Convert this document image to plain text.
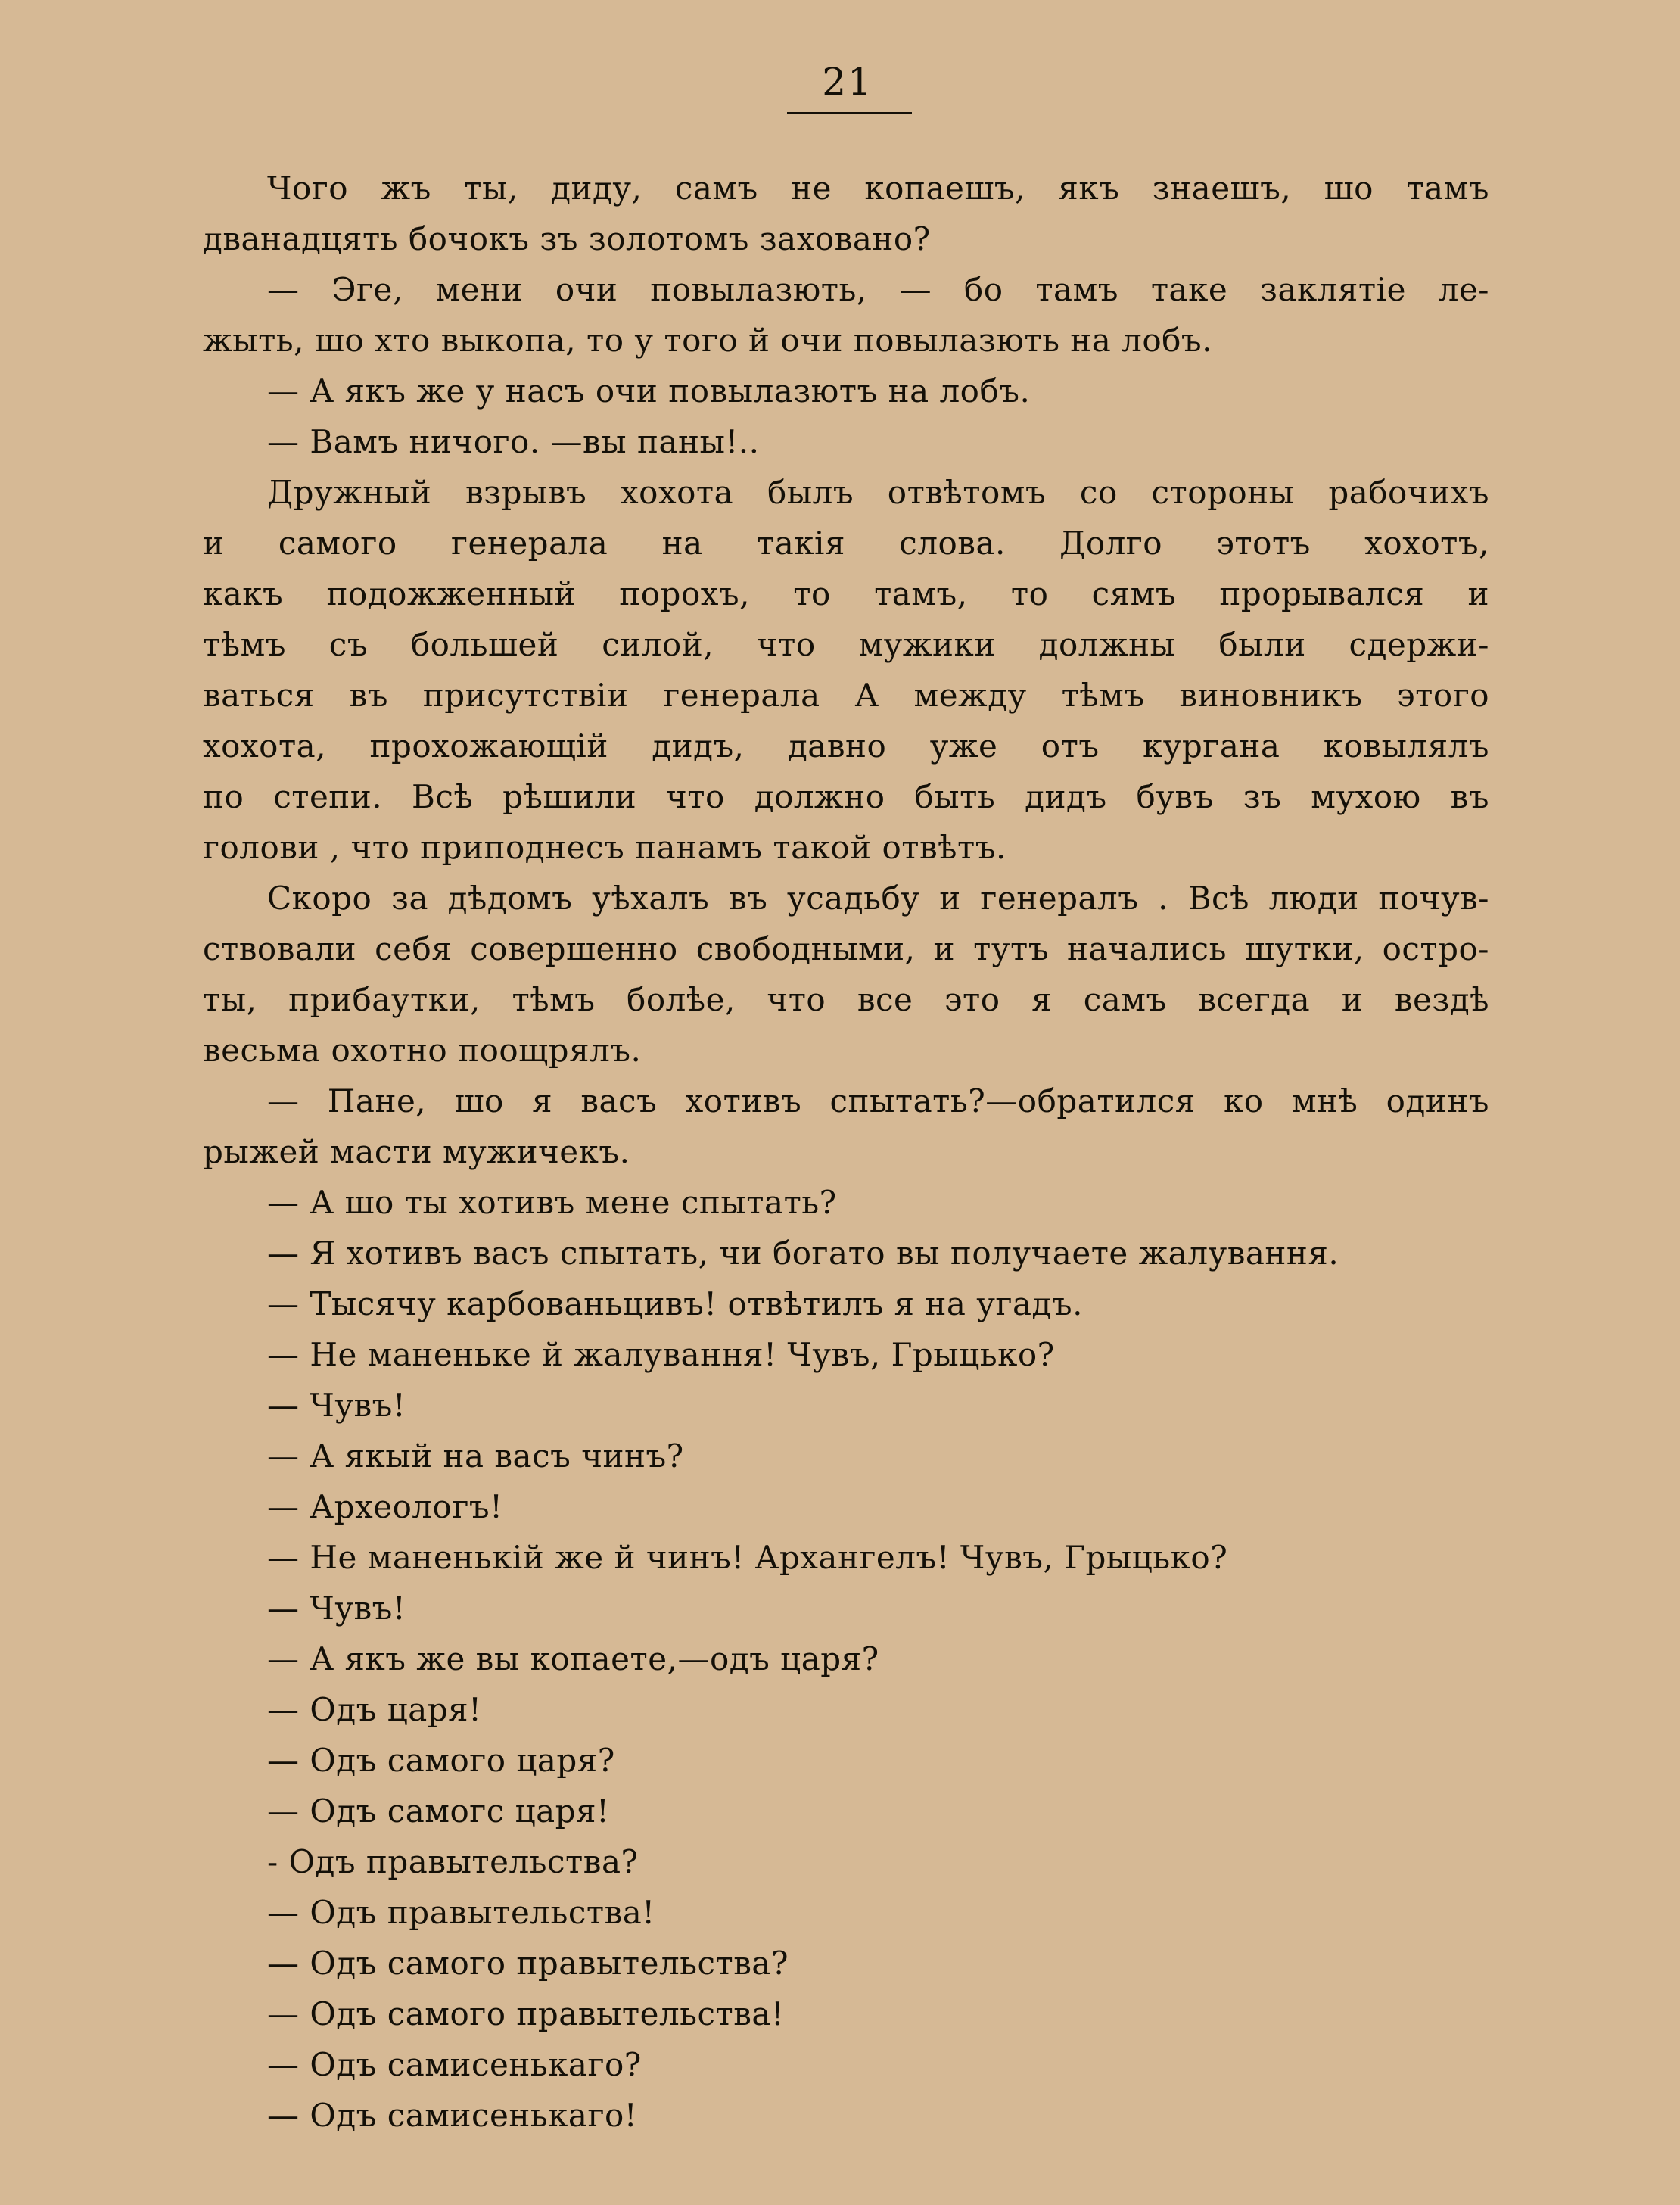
21
Чого жъ ты, диду, самъ не копаешъ, якъ знаешъ, шо тамъ
дванадцять бочокъ зъ золотомъ заховано?
— Эге, мени очи повылазють, — бо тамъ таке заклятіе ле-
жыть, шо хто выкопа, то у того й очи повылазють на лобъ.
— А якъ же у насъ очи повылазютъ на лобъ.
— Вамъ ничого. —вы паны!..
Дружный взрывъ хохота былъ отвѣтомъ со стороны рабочихъ
и самого генерала на такія слова. Долго этотъ хохотъ,
какъ подожженный порохъ, то тамъ, то сямъ прорывался и
тѣмъ съ большей силой, что мужики должны были сдержи-
ваться въ присутствіи генерала А между тѣмъ виновникъ этого
хохота, прохожающій дидъ, давно уже отъ кургана ковылялъ
по степи. Всѣ рѣшили что должно быть дидъ бувъ зъ мухою въ
голови , что приподнесъ панамъ такой отвѣтъ.
Скоро за дѣдомъ уѣхалъ въ усадьбу и генералъ . Всѣ люди почув-
ствовали себя совершенно свободными, и тутъ начались шутки, остро-
ты, прибаутки, тѣмъ болѣе, что все это я самъ всегда и вездѣ
весьма охотно поощрялъ.
— Пане, шо я васъ хотивъ спытать?—обратился ко мнѣ одинъ
рыжей масти мужичекъ.
— А шо ты хотивъ мене спытать?
— Я хотивъ васъ спытать, чи богато вы получаете жалування.
— Тысячу карбованьцивъ! отвѣтилъ я на угадъ.
— Не маненьке й жалування! Чувъ, Грыцько?
— Чувъ!
— А якый на васъ чинъ?
— Археологъ!
— Не маненькій же й чинъ! Архангелъ! Чувъ, Грыцько?
— Чувъ!
— А якъ же вы копаете,—одъ царя?
— Одъ царя!
— Одъ самого царя?
— Одъ самогс царя!
- Одъ правытельства?
— Одъ правытельства!
— Одъ самого правытельства?
— Одъ самого правытельства!
— Одъ самисенькаго?
— Одъ самисенькаго!
